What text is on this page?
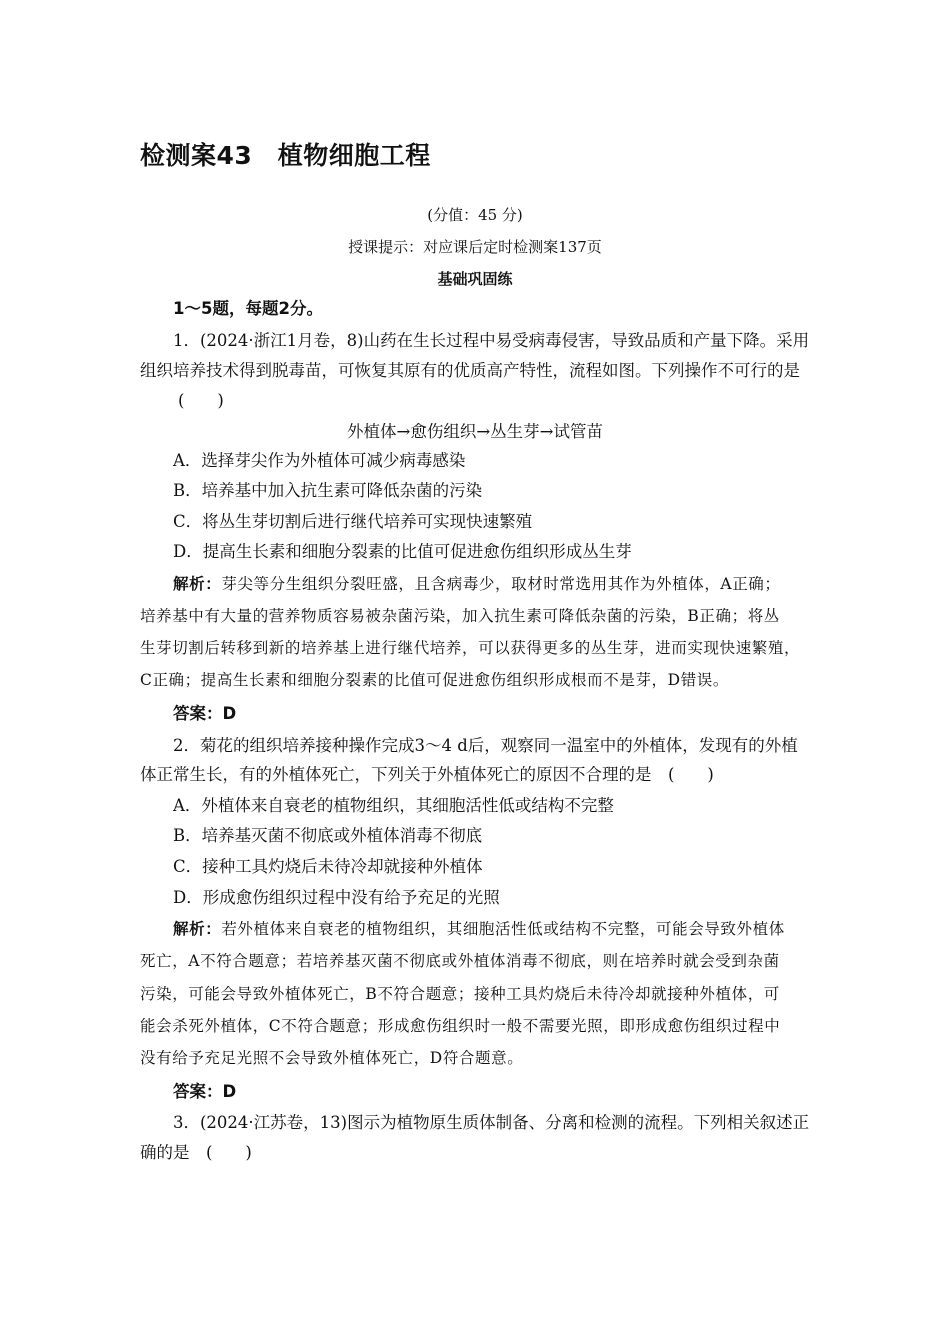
检测案43　植物细胞工程
(分值：45 分)
授课提示：对应课后定时检测案137页
基础巩固练
1～5题，每题2分。
1．(2024·浙江1月卷，8)山药在生长过程中易受病毒侵害，导致品质和产量下降。采用
组织培养技术得到脱毒苗，可恢复其原有的优质高产特性，流程如图。下列操作不可行的是
(　　)
外植体→愈伤组织→丛生芽→试管苗
A．选择芽尖作为外植体可减少病毒感染
B．培养基中加入抗生素可降低杂菌的污染
C．将丛生芽切割后进行继代培养可实现快速繁殖
D．提高生长素和细胞分裂素的比值可促进愈伤组织形成丛生芽
解析：芽尖等分生组织分裂旺盛，且含病毒少，取材时常选用其作为外植体，A正确；
培养基中有大量的营养物质容易被杂菌污染，加入抗生素可降低杂菌的污染，B正确；将丛
生芽切割后转移到新的培养基上进行继代培养，可以获得更多的丛生芽，进而实现快速繁殖，
C正确；提高生长素和细胞分裂素的比值可促进愈伤组织形成根而不是芽，D错误。
答案：D
2．菊花的组织培养接种操作完成3～4 d后，观察同一温室中的外植体，发现有的外植
体正常生长，有的外植体死亡，下列关于外植体死亡的原因不合理的是　(　　)
A．外植体来自衰老的植物组织，其细胞活性低或结构不完整
B．培养基灭菌不彻底或外植体消毒不彻底
C．接种工具灼烧后未待冷却就接种外植体
D．形成愈伤组织过程中没有给予充足的光照
解析：若外植体来自衰老的植物组织，其细胞活性低或结构不完整，可能会导致外植体
死亡，A不符合题意；若培养基灭菌不彻底或外植体消毒不彻底，则在培养时就会受到杂菌
污染，可能会导致外植体死亡，B不符合题意；接种工具灼烧后未待冷却就接种外植体，可
能会杀死外植体，C不符合题意；形成愈伤组织时一般不需要光照，即形成愈伤组织过程中
没有给予充足光照不会导致外植体死亡，D符合题意。
答案：D
3．(2024·江苏卷，13)图示为植物原生质体制备、分离和检测的流程。下列相关叙述正
确的是　(　　)
